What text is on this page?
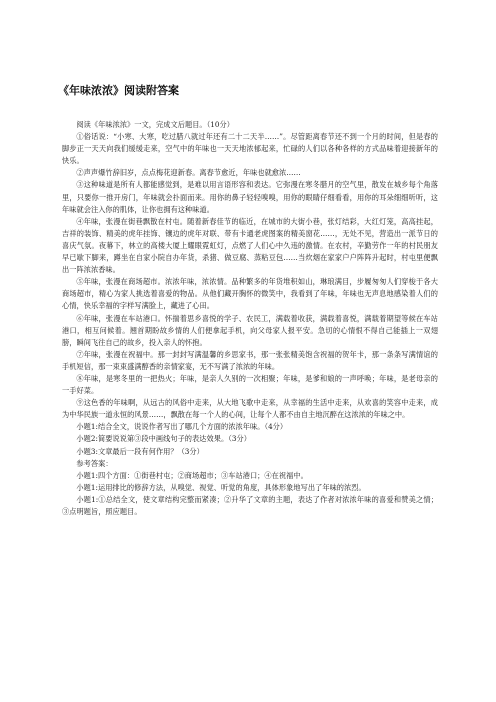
《年味浓浓》阅读附答案

阅读《年味浓浓》一文，完成文后题目。（10分）

①俗话说：“小寒、大寒，吃过腊八就过年还有二十二天半……”。尽管距离春节还不到一个月的时间，但是春的脚步正一天天向我们缓缓走来，空气中的年味也一天天地浓郁起来，忙碌的人们以各种各样的方式品味着迎接新年的快乐。

②声声爆竹辞旧岁，点点梅花迎新春。离春节愈近，年味也就愈浓……

③这种味道是所有人都能感觉到，是难以用言语形容和表达。它弥漫在寒冬腊月的空气里，散发在城乡每个角落里，只要你一推开房门，年味就会扑面而来。用你的鼻子轻轻嗅嗅，用你的眼睛仔细看看，用你的耳朵细细听听，这年味就会注入你的肌体，让你也拥有这种味道。

④年味，张漫在街巷飘散在村屯。随着新春佳节的临近，在城市的大街小巷，张灯结彩，大红灯笼，高高挂起，吉祥的装饰、精美的虎年挂饰、镶边的虎年对联、带有卡通老虎图案的精美窗花……，无处不见，营造出一派节日的喜庆气氛。夜幕下，林立的高楼大厦上耀眼霓虹灯，点燃了人们心中久违的激情。在农村，辛勤劳作一年的村民朋友早已歇下脚来，蹲坐在自家小院自办年货，杀猪、做豆腐、蒸粘豆包……当炊烟在家家户户阵阵升起时，村屯里便飘出一阵浓浓香味。

⑤年味，张漫在商场超市。浓浓年味，浓浓情。品种繁多的年货堆积如山，琳琅满目，步履匆匆人们穿梭于各大商场超市，精心为家人挑选着喜爱的物品。从他们藏开胸怀的微笑中，我看到了年味，年味也无声息地感染着人们的心情，快乐幸福的字样写满脸上，藏进了心田。

⑥年味，张漫在车站港口。怀揣着思乡喜悦的学子、农民工，满载着收获，满载着喜悦，满载着期望等候在车站港口，相互问候着。翘首期盼故乡情的人们便拿起手机，向父母家人报平安。急切的心情恨不得自己能插上一双翅膀，瞬间飞往自己的故乡，投入亲人的怀抱。

⑦年味，张漫在祝福中。那一封封写满温馨的乡思家书，那一张张精美饱含祝福的贺年卡，那一条条写满情谊的手机短信，那一束束盛满醇香的亲情家宴，无不写满了浓浓的年味。

⑧年味，是寒冬里的一把热火；年味，是亲人久别的一次相聚；年味，是爹和娘的一声呼唤；年味，是老母亲的一手好菜。

⑨这色香的年味啊，从远古的风俗中走来，从大地飞歌中走来，从幸福的生活中走来，从欢喜的笑容中走来，成为中华民族一道永恒的风景……，飘散在每一个人的心间，让每个人都不由自主地沉醉在这浓浓的年味之中。

小题1:结合全文，说说作者写出了哪几个方面的浓浓年味。（4分）

小题2:简要说说第③段中画线句子的表达效果。（3分）

小题3:文章最后一段有何作用？（3分）

参考答案：

小题1:四个方面：①街巷村屯；②商场超市；③车站港口；④在祝福中。

小题1:运用排比的修辞方法，从嗅觉、视觉、听觉的角度，具体形象地写出了年味的浓烈。

小题1:①总结全文，使文章结构完整而紧凑；②升华了文章的主题，表达了作者对浓浓年味的喜爱和赞美之情；③点明题旨，照应题目。
